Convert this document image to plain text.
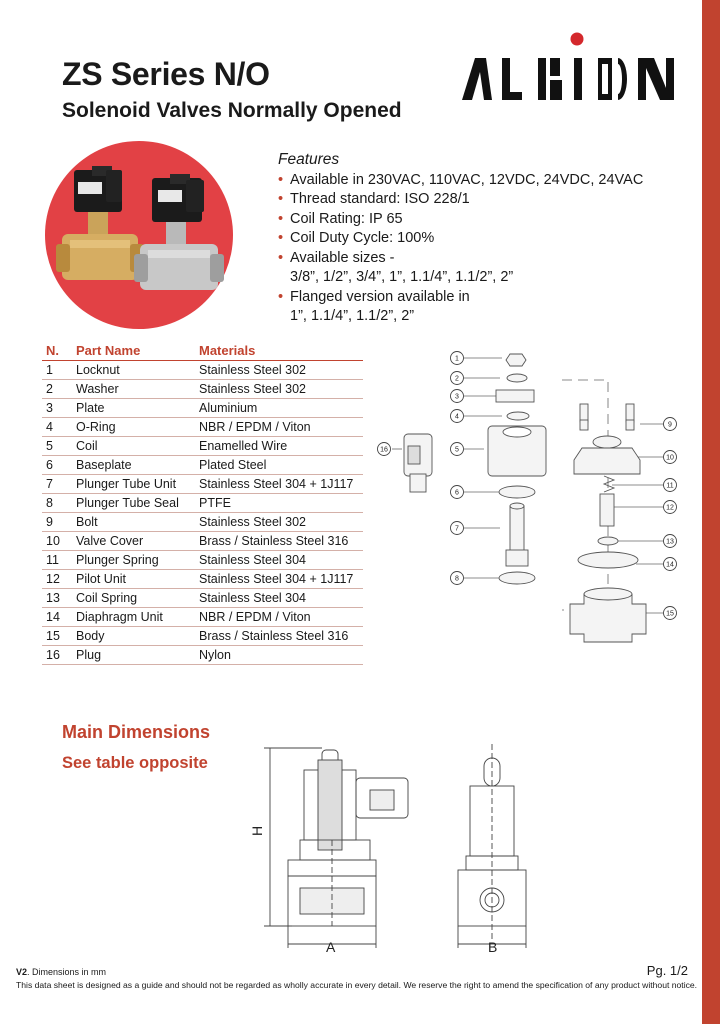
ZS Series N/O
Solenoid Valves Normally Opened
Features
• Available in 230VAC, 110VAC, 12VDC, 24VDC, 24VAC
• Thread standard: ISO 228/1
• Coil Rating: IP 65
• Coil Duty Cycle: 100%
• Available sizes -
3/8”, 1/2”, 3/4”, 1”, 1.1/4”, 1.1/2”, 2”
• Flanged version available in
1”, 1.1/4”, 1.1/2”, 2”
N.	Part Name	Materials
1	Locknut	Stainless Steel 302
2	Washer	Stainless Steel 302
3	Plate	Aluminium
4	O-Ring	NBR / EPDM / Viton
5	Coil	Enamelled Wire
6	Baseplate	Plated Steel
7	Plunger Tube Unit	Stainless Steel 304 + 1J117
8	Plunger Tube Seal	PTFE
9	Bolt	Stainless Steel 302
10	Valve Cover	Brass / Stainless Steel 316
11	Plunger Spring	Stainless Steel 304
12	Pilot Unit	Stainless Steel 304 + 1J117
13	Coil Spring	Stainless Steel 304
14	Diaphragm Unit	NBR / EPDM / Viton
15	Body	Brass / Stainless Steel 316
16	Plug	Nylon
1
2
3
4
5
6
7
8
9
10
11
12
13
14
15
16
Main Dimensions
See table opposite
H
A	B
V2. Dimensions in mm	Pg. 1/2
This data sheet is designed as a guide and should not be regarded as wholly accurate in every detail. We reserve the right to amend the specification of any product without notice.
